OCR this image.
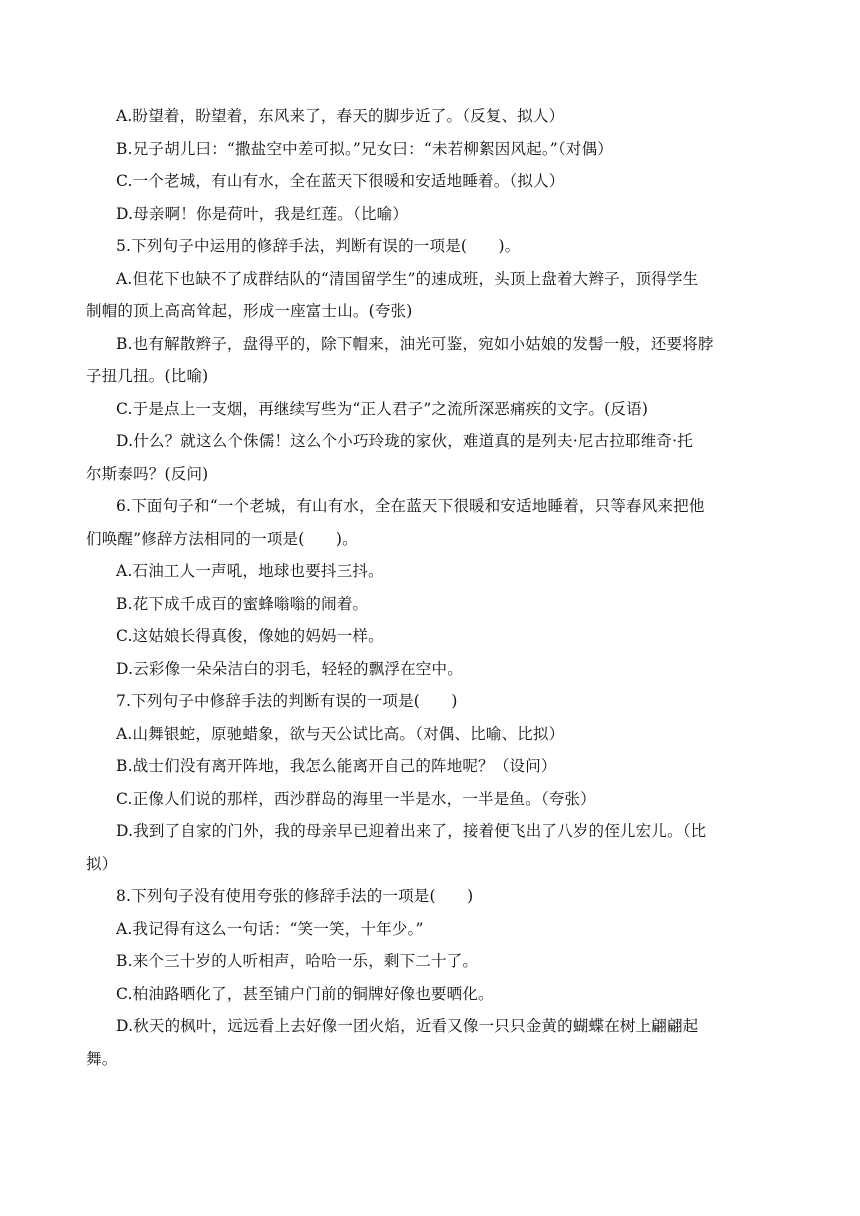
A.盼望着，盼望着，东风来了，春天的脚步近了。（反复、拟人）
B.兄子胡儿曰：“撒盐空中差可拟。”兄女曰：“未若柳絮因风起。”（对偶）
C.一个老城，有山有水，全在蓝天下很暖和安适地睡着。（拟人）
D.母亲啊！你是荷叶，我是红莲。（比喻）
5.下列句子中运用的修辞手法，判断有误的一项是(　　)。
A.但花下也缺不了成群结队的“清国留学生”的速成班，头顶上盘着大辫子，顶得学生
制帽的顶上高高耸起，形成一座富士山。(夸张)
B.也有解散辫子，盘得平的，除下帽来，油光可鉴，宛如小姑娘的发髻一般，还要将脖
子扭几扭。(比喻)
C.于是点上一支烟，再继续写些为“正人君子”之流所深恶痛疾的文字。(反语)
D.什么？就这么个侏儒！这么个小巧玲珑的家伙，难道真的是列夫·尼古拉耶维奇·托
尔斯泰吗？(反问)
6.下面句子和“一个老城，有山有水，全在蓝天下很暖和安适地睡着，只等春风来把他
们唤醒”修辞方法相同的一项是(　　)。
A.石油工人一声吼，地球也要抖三抖。
B.花下成千成百的蜜蜂嗡嗡的闹着。
C.这姑娘长得真俊，像她的妈妈一样。
D.云彩像一朵朵洁白的羽毛，轻轻的飘浮在空中。
7.下列句子中修辞手法的判断有误的一项是(　　)
A.山舞银蛇，原驰蜡象，欲与天公试比高。（对偶、比喻、比拟）
B.战士们没有离开阵地，我怎么能离开自己的阵地呢？（设问）
C.正像人们说的那样，西沙群岛的海里一半是水，一半是鱼。（夸张）
D.我到了自家的门外，我的母亲早已迎着出来了，接着便飞出了八岁的侄儿宏儿。（比
拟）
8.下列句子没有使用夸张的修辞手法的一项是(　　)
A.我记得有这么一句话：“笑一笑，十年少。”
B.来个三十岁的人听相声，哈哈一乐，剩下二十了。
C.柏油路晒化了，甚至铺户门前的铜牌好像也要晒化。
D.秋天的枫叶，远远看上去好像一团火焰，近看又像一只只金黄的蝴蝶在树上翩翩起
舞。
